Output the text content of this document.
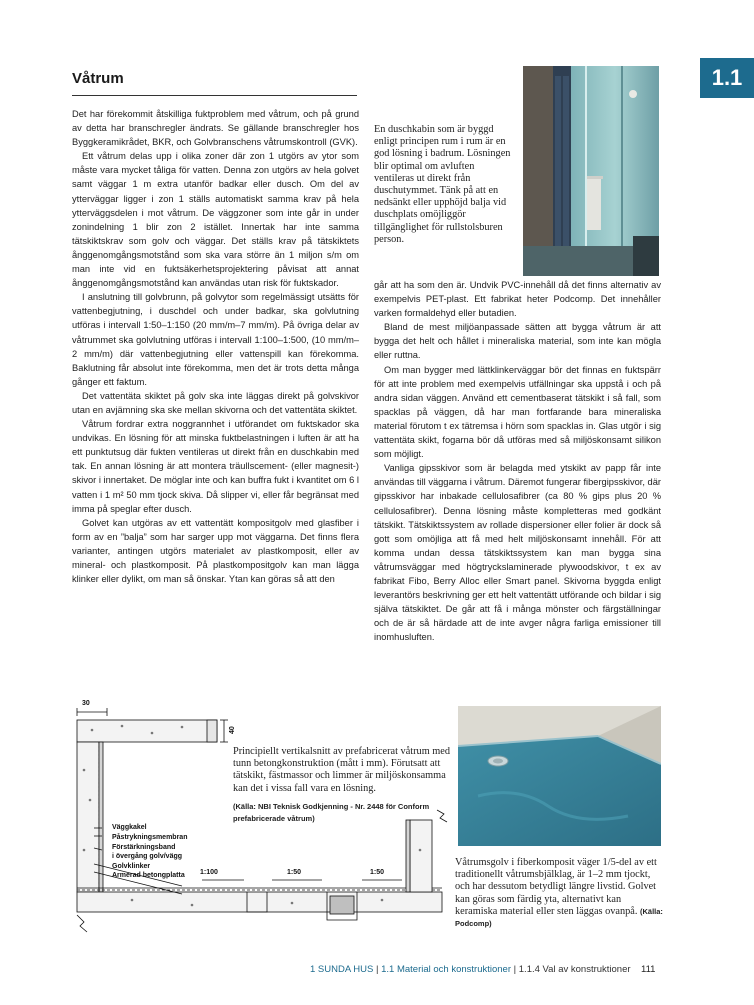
1.1
Våtrum

Det har förekommit åtskilliga fuktproblem med våtrum, och på grund av detta har branschregler ändrats. Se gällande branschregler hos Byggkeramikrådet, BKR, och Golvbranschens våtrumskontroll (GVK).

Ett våtrum delas upp i olika zoner där zon 1 utgörs av ytor som måste vara mycket tåliga för vatten. Denna zon utgörs av hela golvet samt väggar 1 m extra utanför badkar eller dusch. Om del av ytterväggar ligger i zon 1 ställs automatiskt samma krav på hela ytterväggsdelen i mot våtrum. De väggzoner som inte går in under zonindelning 1 blir zon 2 istället. Innertak har inte samma tätskiktskrav som golv och väggar. Det ställs krav på tätskiktets ånggenomgångsmotstånd som ska vara större än 1 miljon s/m om man inte vid en fuktsäkerhetsprojektering påvisat att annat ånggenomgångsmotstånd kan användas utan risk för fuktskador.

I anslutning till golvbrunn, på golvytor som regelmässigt utsätts för vattenbegjutning, i duschdel och under badkar, ska golvlutning utföras i intervall 1:50–1:150 (20 mm/m–7 mm/m). På övriga delar av våtrummet ska golvlutning utföras i intervall 1:100–1:500, (10 mm/m–2 mm/m) där vattenbegjutning eller vattenspill kan förekomma. Baklutning får absolut inte förekomma, men det är trots detta många gånger ett faktum.

Det vattentäta skiktet på golv ska inte läggas direkt på golvskivor utan en avjämning ska ske mellan skivorna och det vattentäta skiktet.

Våtrum fordrar extra noggrannhet i utförandet om fuktskador ska undvikas. En lösning för att minska fuktbelastningen i luften är att ha ett punktutsug där fukten ventileras ut direkt från en duschkabin med tak. En annan lösning är att montera träullscement- (eller magnesit-) skivor i innertaket. De möglar inte och kan buffra fukt i kvantitet om 6 l vatten i 1 m² 50 mm tjock skiva. Då slipper vi, eller får begränsat med imma på speglar efter dusch.

Golvet kan utgöras av ett vattentätt kompositgolv med glasfiber i form av en ”balja” som har sarger upp mot väggarna. Det finns flera varianter, antingen utgörs materialet av plastkomposit, eller av mineral- och plastkomposit. På plastkompositgolv kan man lägga klinker eller dylikt, om man så önskar. Ytan kan göras så att den

går att ha som den är. Undvik PVC-innehåll då det finns alternativ av exempelvis PET-plast. Ett fabrikat heter Podcomp. Det innehåller varken formaldehyd eller butadien.

Bland de mest miljöanpassade sätten att bygga våtrum är att bygga det helt och hållet i mineraliska material, som inte kan mögla eller ruttna.

Om man bygger med lättklinkerväggar bör det finnas en fuktspärr för att inte problem med exempelvis utfällningar ska uppstå i och på andra sidan väggen. Använd ett cementbaserat tätskikt i så fall, som spacklas på väggen, då har man fortfarande bara mineraliska material förutom t ex tätremsa i hörn som spacklas in. Glas utgör i sig vattentäta skikt, fogarna bör då utföras med så miljöskonsamt silikon som möjligt.

Vanliga gipsskivor som är belagda med ytskikt av papp får inte användas till väggarna i våtrum. Däremot fungerar fibergipsskivor, där gipsskivor har inbakade cellulosafibrer (ca 80 % gips plus 20 % cellulosafibrer). Denna lösning måste kompletteras med godkänt tätskikt. Tätskiktssystem av rollade dispersioner eller folier är dock så gott som omöjliga att få med helt miljöskonsamt innehåll. För att komma undan dessa tätskiktssystem kan man bygga sina våtrumsväggar med högtryckslaminerade plywoodskivor, t ex av fabrikat Fibo, Berry Alloc eller Smart panel. Skivorna byggda enligt leverantörs beskrivning ger ett helt vattentätt utförande och bildar i sig själva tätskiktet. De går att få i många mönster och färgställningar och de är så härdade att de inte avger några farliga emissioner till inomhusluften.

En duschkabin som är byggd enligt principen rum i rum är en god lösning i badrum. Lösningen blir optimal om avluften ventileras ut direkt från duschutymmet. Tänk på att en nedsänkt eller upphöjd balja vid duschplats omöjliggör tillgänglighet för rullstolsburen person.
30
40
1:100	1:50	1:50
Väggkakel
Påstrykningsmembran
Förstärkningsband
i övergång golv/vägg
Golvklinker
Armerad betongplatta
Principiellt vertikalsnitt av prefabricerat våtrum med tunn betongkonstruktion (mått i mm). Förutsatt att tätskikt, fästmassor och limmer är miljöskonsamma kan det i vissa fall vara en lösning.
(Källa: NBI Teknisk Godkjenning - Nr. 2448 för Conform prefabricerade våtrum)
Våtrumsgolv i fiberkomposit väger 1/5-del av ett traditionellt våtrumsbjälklag, är 1–2 mm tjockt, och har dessutom betydligt längre livstid. Golvet kan göras som färdig yta, alternativt kan keramiska material eller sten läggas ovanpå. (Källa: Podcomp)
1 SUNDA HUS | 1.1 Material och konstruktioner | 1.1.4 Val av konstruktioner 111
